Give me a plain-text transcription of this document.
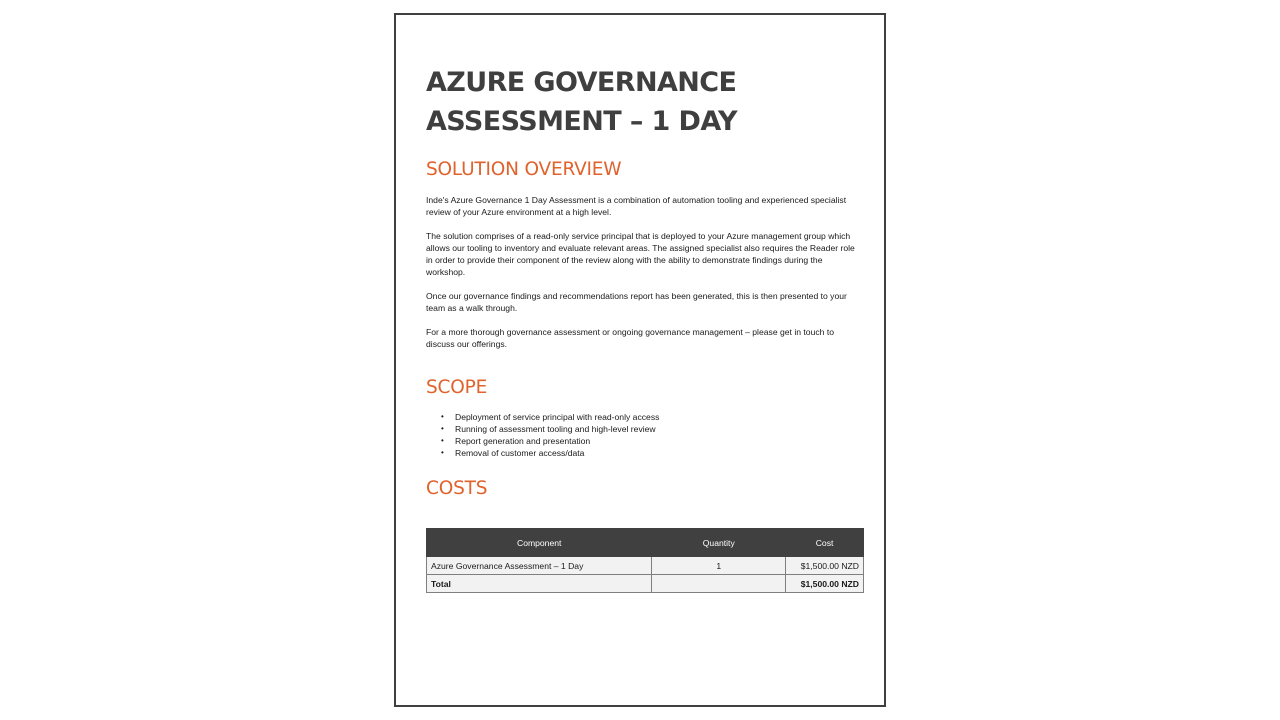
AZURE GOVERNANCE
ASSESSMENT – 1 DAY
SOLUTION OVERVIEW

Inde's Azure Governance 1 Day Assessment is a combination of automation tooling and experienced specialist review of your Azure environment at a high level.

The solution comprises of a read-only service principal that is deployed to your Azure management group which allows our tooling to inventory and evaluate relevant areas. The assigned specialist also requires the Reader role in order to provide their component of the review along with the ability to demonstrate findings during the workshop.

Once our governance findings and recommendations report has been generated, this is then presented to your team as a walk through.

For a more thorough governance assessment or ongoing governance management – please get in touch to discuss our offerings.

SCOPE
• Deployment of service principal with read-only access
• Running of assessment tooling and high-level review
• Report generation and presentation
• Removal of customer access/data
COSTS
Component	Quantity	Cost
Azure Governance Assessment – 1 Day	1	$1,500.00 NZD
Total		$1,500.00 NZD
